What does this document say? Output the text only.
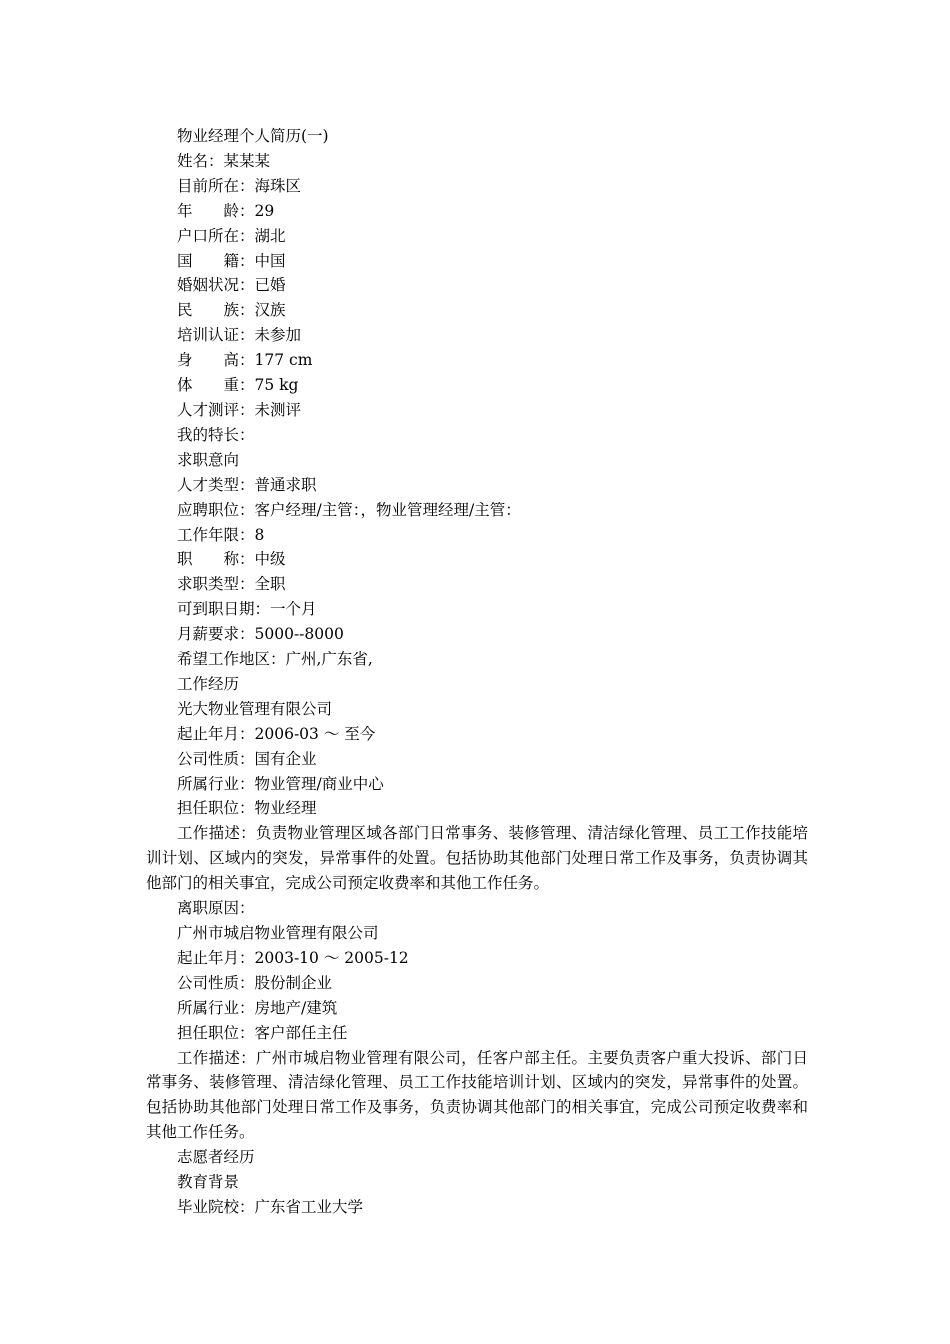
物业经理个人简历(一)
姓名：某某某
目前所在：海珠区
年　　龄：29
户口所在：湖北
国　　籍：中国
婚姻状况：已婚
民　　族：汉族
培训认证：未参加
身　　高：177 cm
体　　重：75 kg
人才测评：未测评
我的特长：
求职意向
人才类型：普通求职
应聘职位：客户经理/主管：，物业管理经理/主管：
工作年限：8
职　　称：中级
求职类型：全职
可到职日期：一个月
月薪要求：5000--8000
希望工作地区：广州,广东省,
工作经历
光大物业管理有限公司
起止年月：2006-03 ～ 至今
公司性质：国有企业
所属行业：物业管理/商业中心
担任职位：物业经理
工作描述：负责物业管理区域各部门日常事务、装修管理、清洁绿化管理、员工工作技能培训计划、区域内的突发，异常事件的处置。包括协助其他部门处理日常工作及事务，负责协调其他部门的相关事宜，完成公司预定收费率和其他工作任务。
离职原因：
广州市城启物业管理有限公司
起止年月：2003-10 ～ 2005-12
公司性质：股份制企业
所属行业：房地产/建筑
担任职位：客户部任主任
工作描述：广州市城启物业管理有限公司，任客户部主任。主要负责客户重大投诉、部门日常事务、装修管理、清洁绿化管理、员工工作技能培训计划、区域内的突发，异常事件的处置。包括协助其他部门处理日常工作及事务，负责协调其他部门的相关事宜，完成公司预定收费率和其他工作任务。
志愿者经历
教育背景
毕业院校：广东省工业大学
